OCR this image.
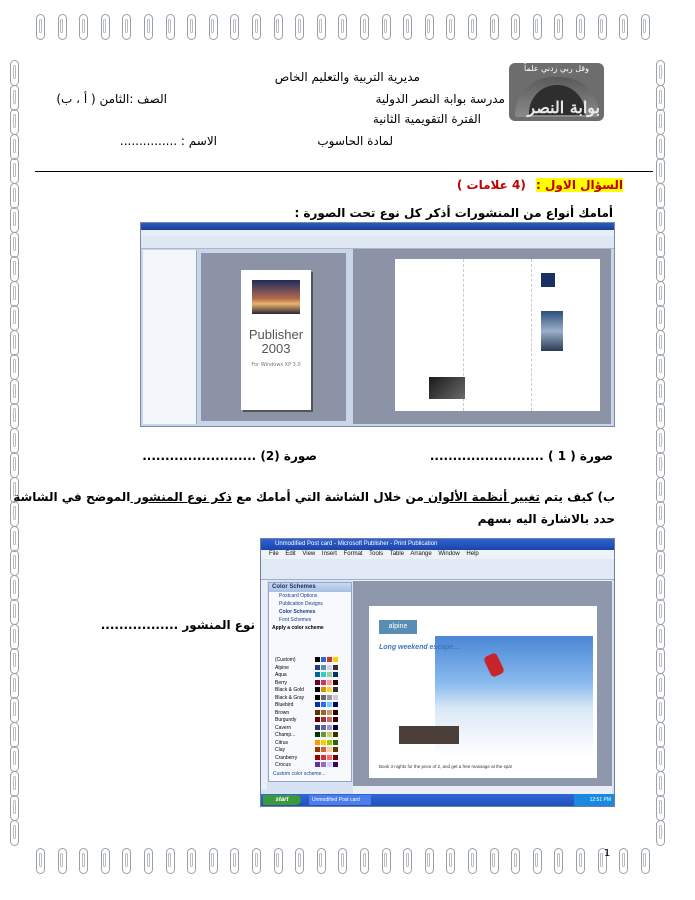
وقل ربي زدني علماً
بوابة النصر
مديرية التربية والتعليم الخاص
مدرسة بوابة النصر الدولية
الصف :الثامن ( أ ، ب)
الفترة التقويمية الثانية
لمادة الحاسوب
الاسم : ...............
السؤال الاول : (4 علامات )
أمامك أنواع من المنشورات أذكر كل نوع تحت الصورة :
Publisher 2003
For Windows XP 3.0
صورة ( 1 ) .........................
صورة (2) .........................
ب) كيف يتم تغيير أنظمة الألوان من خلال الشاشة التي أمامك مع ذكر نوع المنشور الموضح في الشاشة
حدد بالاشارة اليه بسهم
نوع المنشور .................
Unmodified Post card - Microsoft Publisher - Print Publication
File Edit View Insert Format Tools Table Arrange Window Help
Color Schemes
Postcard Options
Publication Designs
Color Schemes
Font Schemes
Apply a color scheme
(Custom)
Alpine
Aqua
Berry
Black & Gold
Black & Gray
Bluebird
Brown
Burgundy
Cavern
Champ...
Citrus
Clay
Cranberry
Crocus
Custom color scheme...
alpine
Long weekend escape...
Book 3 nights for the price of 2, and get a free massage at the spa!
start	Unmodified Post card	12:51 PM
1
